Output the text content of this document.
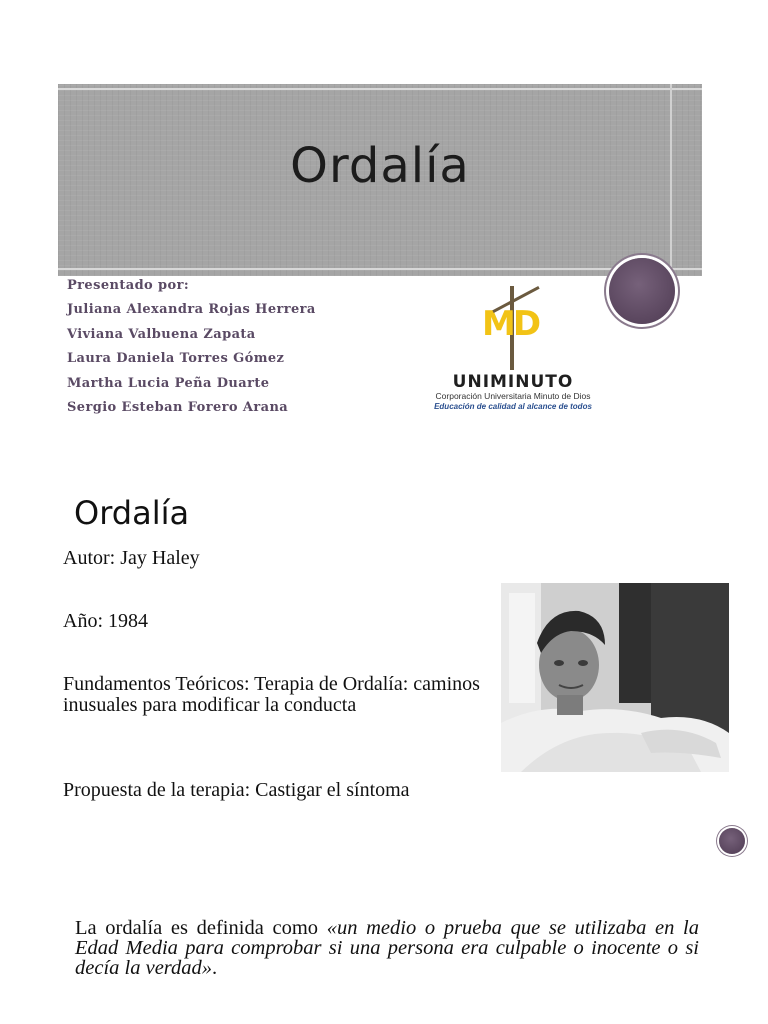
Ordalía
Presentado por:
Juliana Alexandra Rojas Herrera
Viviana Valbuena Zapata
Laura Daniela Torres Gómez
Martha Lucia Peña Duarte
Sergio Esteban Forero Arana
MD
UNIMINUTO
Corporación Universitaria Minuto de Dios
Educación de calidad al alcance de todos
Ordalía
Autor: Jay Haley
Año: 1984
Fundamentos Teóricos: Terapia de Ordalía: caminos inusuales para modificar la conducta
Propuesta de la terapia: Castigar el síntoma
La ordalía es definida como «un medio o prueba que se utilizaba en la Edad Media para comprobar si una persona era culpable o inocente o si decía la verdad».
